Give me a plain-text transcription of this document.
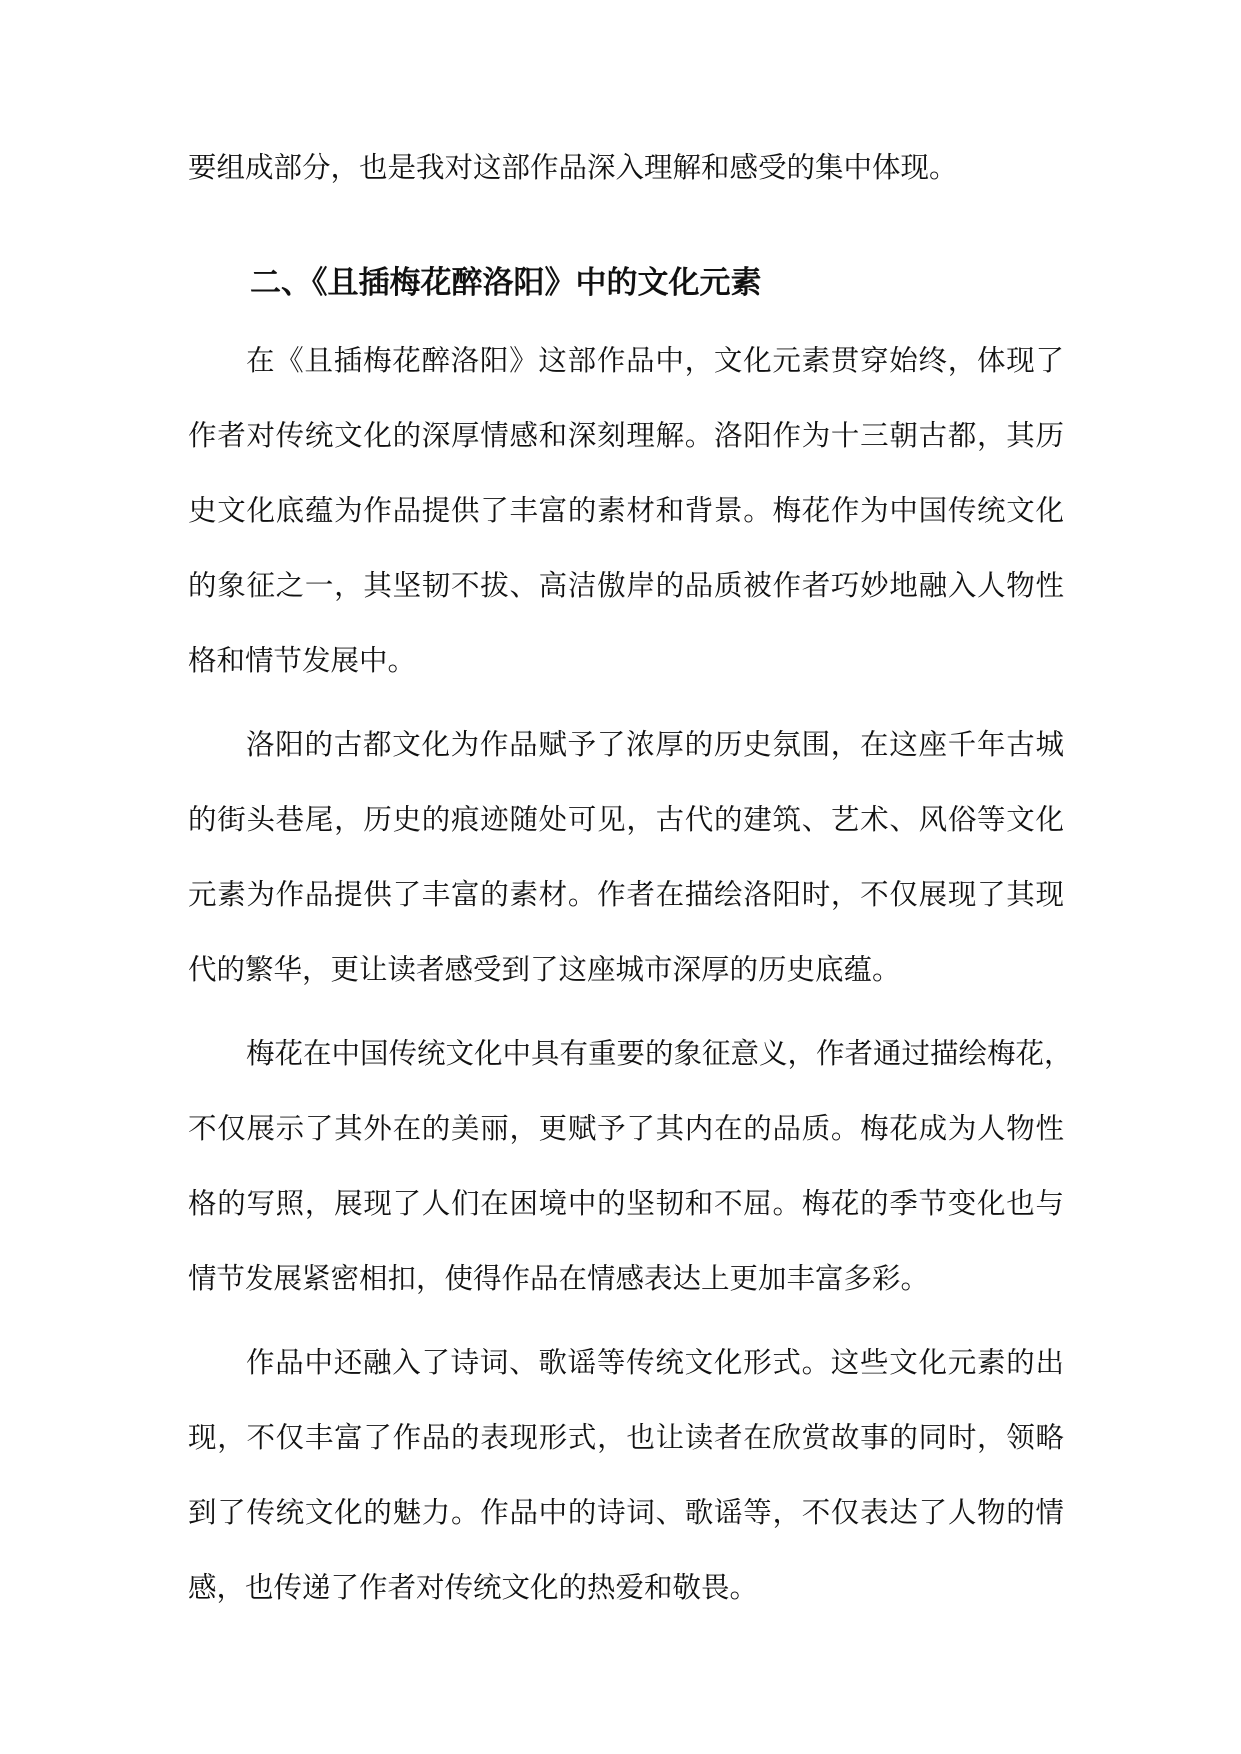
要组成部分，也是我对这部作品深入理解和感受的集中体现。
二、《且插梅花醉洛阳》中的文化元素
在《且插梅花醉洛阳》这部作品中，文化元素贯穿始终，体现了
作者对传统文化的深厚情感和深刻理解。洛阳作为十三朝古都，其历
史文化底蕴为作品提供了丰富的素材和背景。梅花作为中国传统文化
的象征之一，其坚韧不拔、高洁傲岸的品质被作者巧妙地融入人物性
格和情节发展中。
洛阳的古都文化为作品赋予了浓厚的历史氛围，在这座千年古城
的街头巷尾，历史的痕迹随处可见，古代的建筑、艺术、风俗等文化
元素为作品提供了丰富的素材。作者在描绘洛阳时，不仅展现了其现
代的繁华，更让读者感受到了这座城市深厚的历史底蕴。
梅花在中国传统文化中具有重要的象征意义，作者通过描绘梅花，
不仅展示了其外在的美丽，更赋予了其内在的品质。梅花成为人物性
格的写照，展现了人们在困境中的坚韧和不屈。梅花的季节变化也与
情节发展紧密相扣，使得作品在情感表达上更加丰富多彩。
作品中还融入了诗词、歌谣等传统文化形式。这些文化元素的出
现，不仅丰富了作品的表现形式，也让读者在欣赏故事的同时，领略
到了传统文化的魅力。作品中的诗词、歌谣等，不仅表达了人物的情
感，也传递了作者对传统文化的热爱和敬畏。
